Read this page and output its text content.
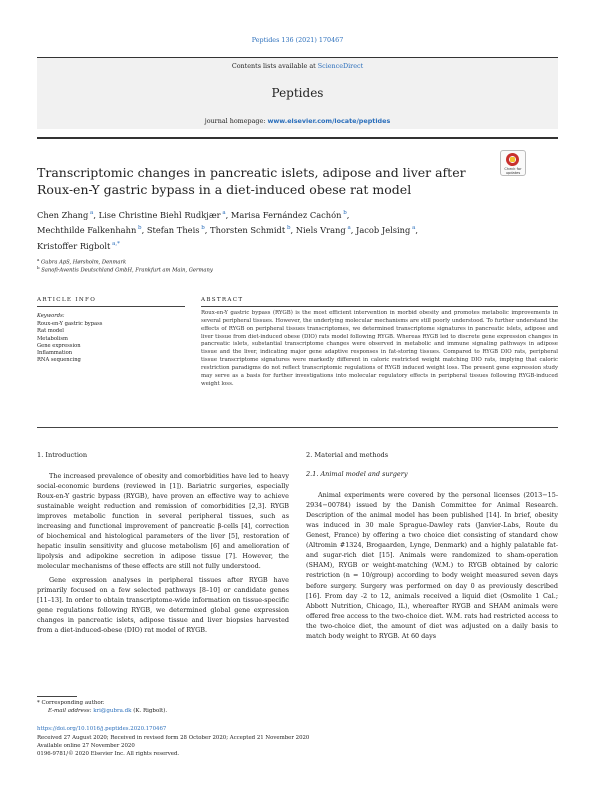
Peptides 136 (2021) 170467
Contents lists available at ScienceDirect
Peptides
journal homepage: www.elsevier.com/locate/peptides
Check for
updates
Transcriptomic changes in pancreatic islets, adipose and liver after
Roux-en-Y gastric bypass in a diet-induced obese rat model
Chen Zhang $^a$, Lise Christine Biehl Rudkjær $^a$, Marisa Fernández Cachón $^b$,
Mechthilde Falkenhahn $^b$, Stefan Theis $^b$, Thorsten Schmidt $^b$, Niels Vrang $^a$, Jacob Jelsing $^a$,
Kristoffer Rigbolt $^{a,*}$
$^a$ Gubra ApS, Hørsholm, Denmark
$^b$ Sanofi-Aventis Deutschland GmbH, Frankfurt am Main, Germany
ARTICLE INFO	ABSTRACT
Keywords:
Roux-en-Y gastric bypass
Rat model
Metabolism
Gene expression
Inflammation
RNA sequencing
Roux-en-Y gastric bypass (RYGB) is the most efficient intervention in morbid obesity and promotes metabolic improvements in several peripheral tissues. However, the underlying molecular mechanisms are still poorly understood. To further understand the effects of RYGB on peripheral tissues transcriptomes, we determined transcriptome signatures in pancreatic islets, adipose and liver tissue from diet-induced obese (DIO) rats model following RYGB. Whereas RYGB led to discrete gene expression changes in pancreatic islets, substantial transcriptome changes were observed in metabolic and immune signaling pathways in adipose tissue and the liver, indicating major gene adaptive responses in fat-storing tissues. Compared to RYGB DIO rats, peripheral tissue transcriptome signatures were markedly different in caloric restricted weight matching DIO rats, implying that caloric restriction paradigms do not reflect transcriptomic regulations of RYGB induced weight loss. The present gene expression study may serve as a basis for further investigations into molecular regulatory effects in peripheral tissues following RYGB-induced weight loss.
1. Introduction

The increased prevalence of obesity and comorbidities have led to heavy social-economic burdens (reviewed in [1]). Bariatric surgeries, especially Roux-en-Y gastric bypass (RYGB), have proven an effective way to achieve sustainable weight reduction and remission of comorbidities [2,3]. RYGB improves metabolic function in several peripheral tissues, such as increasing and functional improvement of pancreatic β-cells [4], correction of biochemical and histological parameters of the liver [5], restoration of hepatic insulin sensitivity and glucose metabolism [6] and amelioration of lipolysis and adipokine secretion in adipose tissue [7]. However, the molecular mechanisms of these effects are still not fully understood.

Gene expression analyses in peripheral tissues after RYGB have primarily focused on a few selected pathways [8–10] or candidate genes [11–13]. In order to obtain transcriptome-wide information on tissue-specific gene regulations following RYGB, we determined global gene expression changes in pancreatic islets, adipose tissue and liver biopsies harvested from a diet-induced-obese (DIO) rat model of RYGB.

2. Material and methods
2.1. Animal model and surgery

Animal experiments were covered by the personal licenses (2013−15-2934−00784) issued by the Danish Committee for Animal Research. Description of the animal model has been published [14]. In brief, obesity was induced in 30 male Sprague-Dawley rats (Janvier-Labs, Route du Genest, France) by offering a two choice diet consisting of standard chow (Altromin #1324, Brogaarden, Lynge, Denmark) and a highly palatable fat- and sugar-rich diet [15]. Animals were randomized to sham-operation (SHAM), RYGB or weight-matching (W.M.) to RYGB obtained by caloric restriction (n = 10/group) according to body weight measured seven days before surgery. Surgery was performed on day 0 as previously described [16]. From day -2 to 12, animals received a liquid diet (Osmolite 1 Cal.; Abbott Nutrition, Chicago, IL), whereafter RYGB and SHAM animals were offered free access to the two-choice diet. W.M. rats had restricted access to the two-choice diet, the amount of diet was adjusted on a daily basis to match body weight to RYGB. At 60 days

* Corresponding author.
E-mail address: kri@gubra.dk (K. Rigbolt).
https://doi.org/10.1016/j.peptides.2020.170467
Received 27 August 2020; Received in revised form 28 October 2020; Accepted 21 November 2020
Available online 27 November 2020
0196-9781/© 2020 Elsevier Inc. All rights reserved.
